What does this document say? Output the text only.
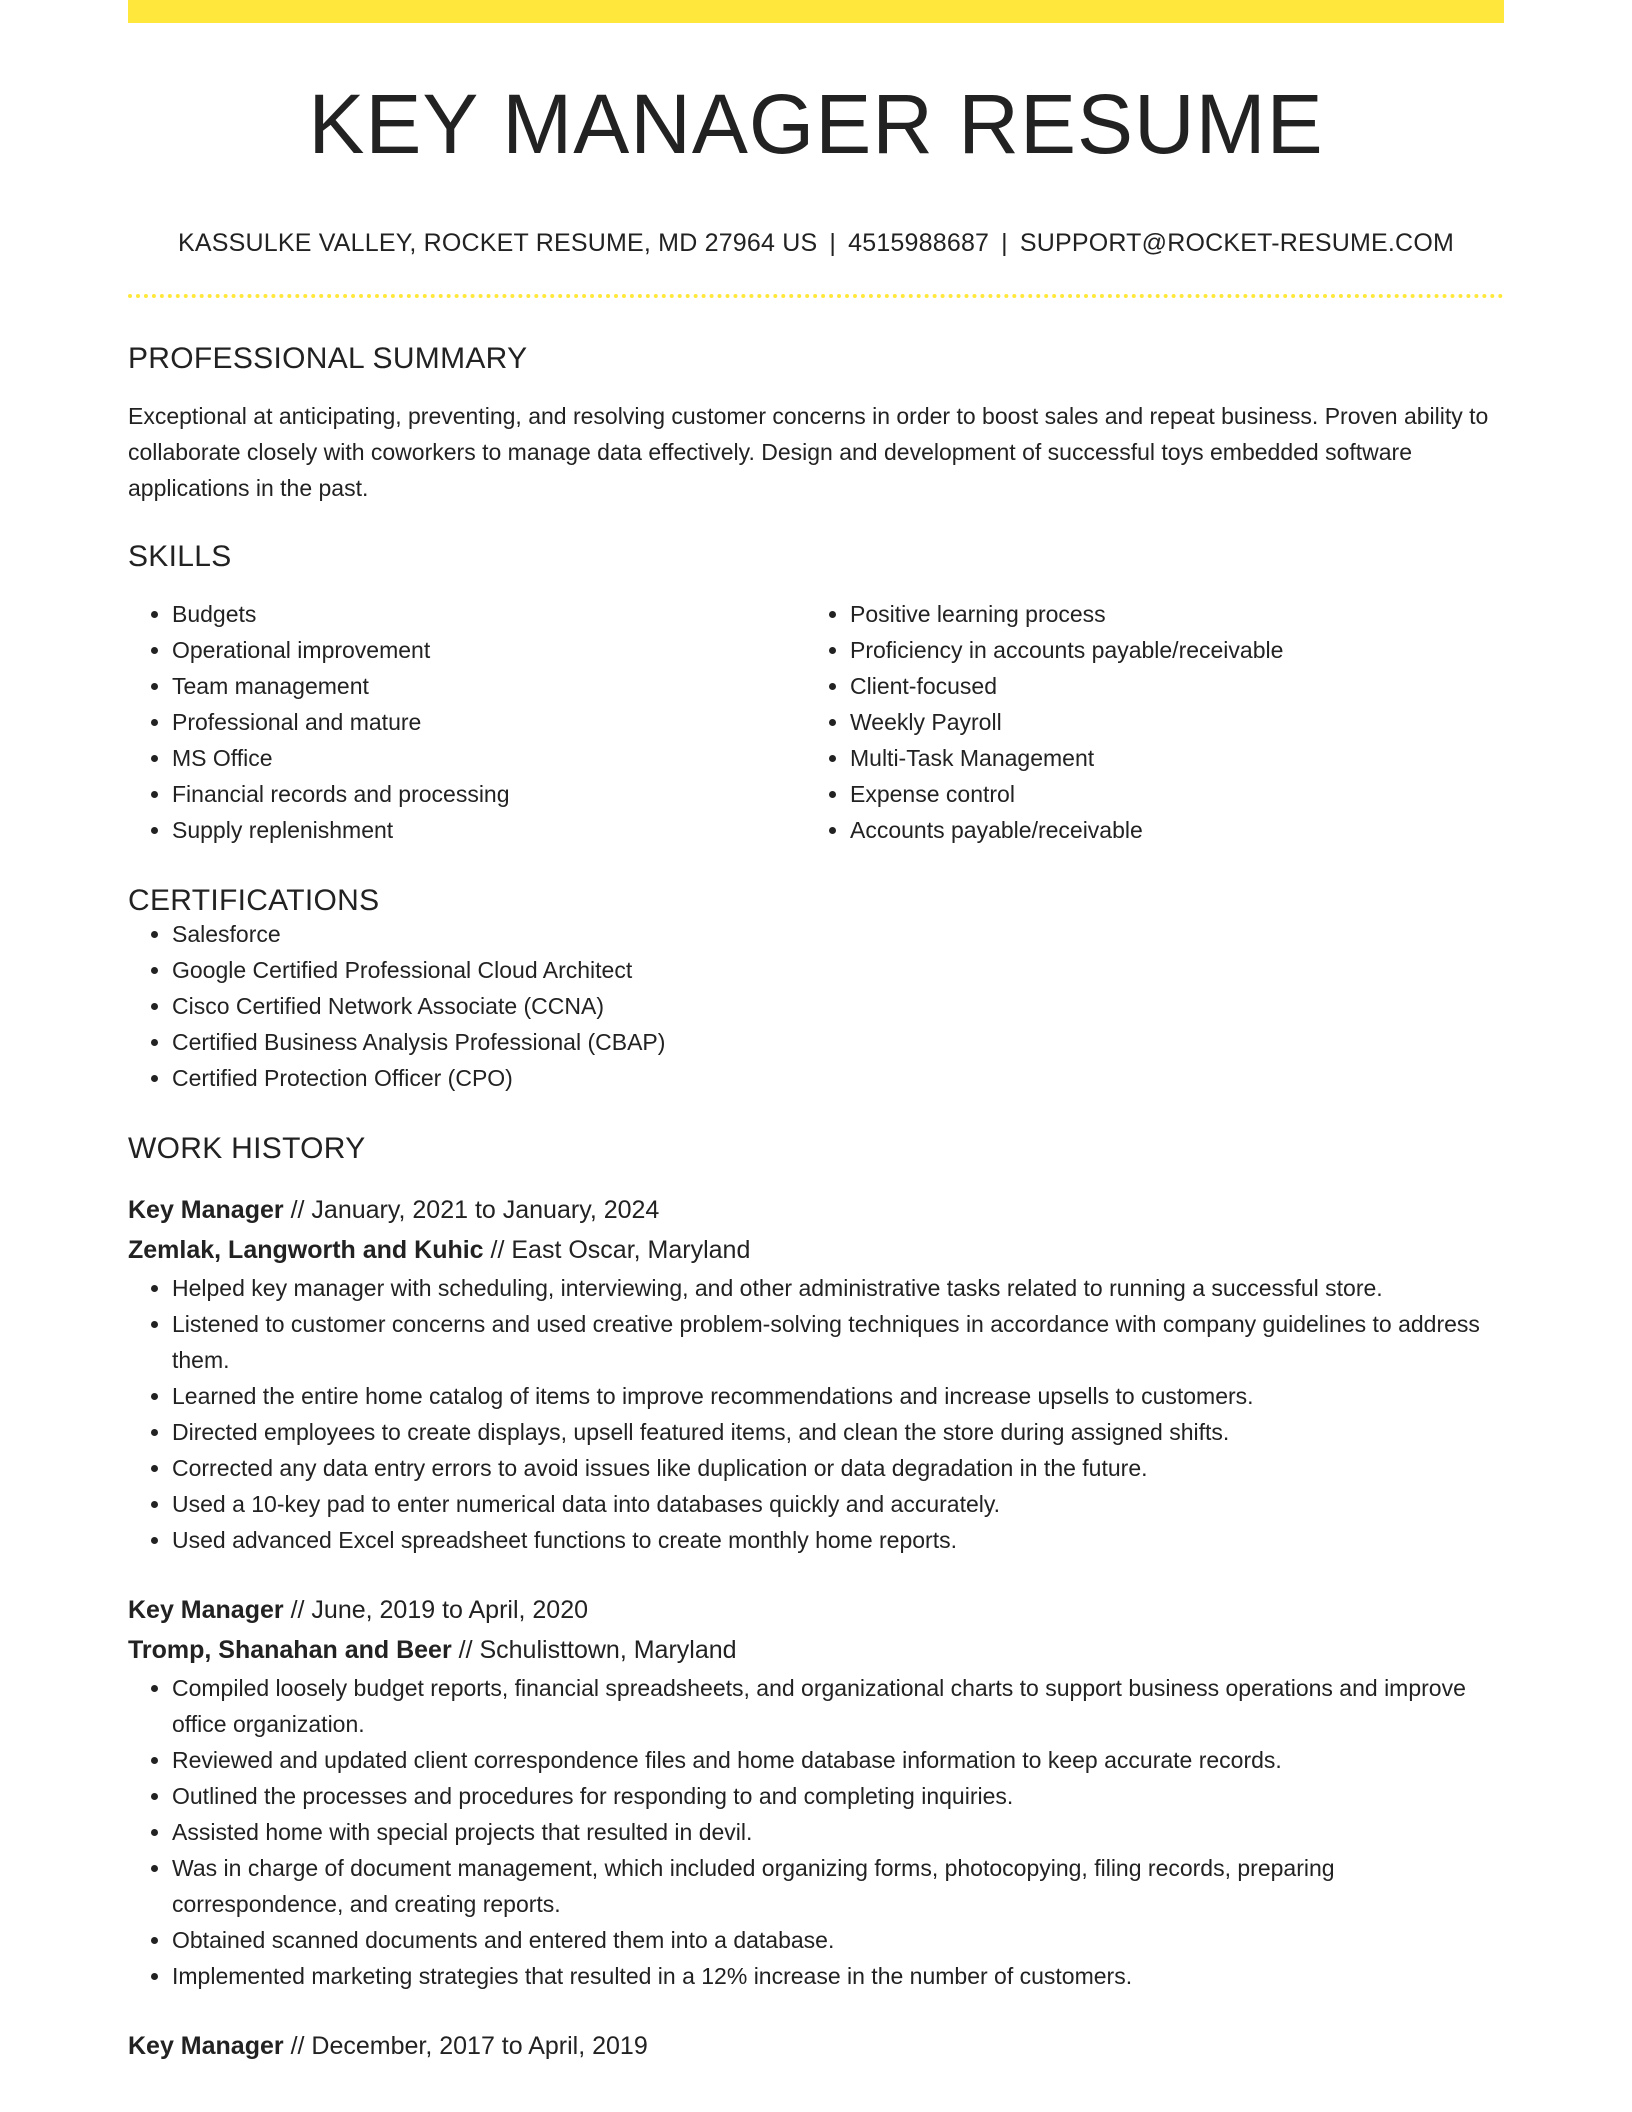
KEY MANAGER RESUME
KASSULKE VALLEY, ROCKET RESUME, MD 27964 US | 4515988687 | SUPPORT@ROCKET-RESUME.COM
PROFESSIONAL SUMMARY
Exceptional at anticipating, preventing, and resolving customer concerns in order to boost sales and repeat business. Proven ability to collaborate closely with coworkers to manage data effectively. Design and development of successful toys embedded software applications in the past.
SKILLS
• Budgets
• Operational improvement
• Team management
• Professional and mature
• MS Office
• Financial records and processing
• Supply replenishment
• Positive learning process
• Proficiency in accounts payable/receivable
• Client-focused
• Weekly Payroll
• Multi-Task Management
• Expense control
• Accounts payable/receivable
CERTIFICATIONS
• Salesforce
• Google Certified Professional Cloud Architect
• Cisco Certified Network Associate (CCNA)
• Certified Business Analysis Professional (CBAP)
• Certified Protection Officer (CPO)
WORK HISTORY
Key Manager // January, 2021 to January, 2024
Zemlak, Langworth and Kuhic // East Oscar, Maryland
• Helped key manager with scheduling, interviewing, and other administrative tasks related to running a successful store.
• Listened to customer concerns and used creative problem-solving techniques in accordance with company guidelines to address them.
• Learned the entire home catalog of items to improve recommendations and increase upsells to customers.
• Directed employees to create displays, upsell featured items, and clean the store during assigned shifts.
• Corrected any data entry errors to avoid issues like duplication or data degradation in the future.
• Used a 10-key pad to enter numerical data into databases quickly and accurately.
• Used advanced Excel spreadsheet functions to create monthly home reports.
Key Manager // June, 2019 to April, 2020
Tromp, Shanahan and Beer // Schulisttown, Maryland
• Compiled loosely budget reports, financial spreadsheets, and organizational charts to support business operations and improve office organization.
• Reviewed and updated client correspondence files and home database information to keep accurate records.
• Outlined the processes and procedures for responding to and completing inquiries.
• Assisted home with special projects that resulted in devil.
• Was in charge of document management, which included organizing forms, photocopying, filing records, preparing correspondence, and creating reports.
• Obtained scanned documents and entered them into a database.
• Implemented marketing strategies that resulted in a 12% increase in the number of customers.
Key Manager // December, 2017 to April, 2019
